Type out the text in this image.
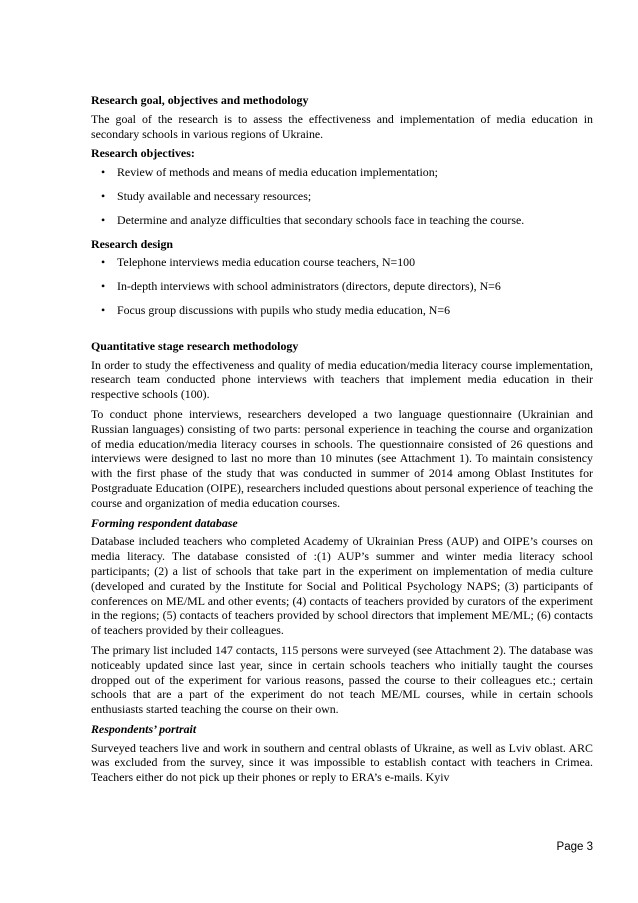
Research goal, objectives and methodology
The goal of the research is to assess the effectiveness and implementation of media education in secondary schools in various regions of Ukraine.
Research objectives:
• Review of methods and means of media education implementation;
• Study available and necessary resources;
• Determine and analyze difficulties that secondary schools face in teaching the course.
Research design
• Telephone interviews media education course teachers, N=100
• In-depth interviews with school administrators (directors, depute directors), N=6
• Focus group discussions with pupils who study media education, N=6
Quantitative stage research methodology
In order to study the effectiveness and quality of media education/media literacy course implementation, research team conducted phone interviews with teachers that implement media education in their respective schools (100).
To conduct phone interviews, researchers developed a two language questionnaire (Ukrainian and Russian languages) consisting of two parts: personal experience in teaching the course and organization of media education/media literacy courses in schools. The questionnaire consisted of 26 questions and interviews were designed to last no more than 10 minutes (see Attachment 1). To maintain consistency with the first phase of the study that was conducted in summer of 2014 among Oblast Institutes for Postgraduate Education (OIPE), researchers included questions about personal experience of teaching the course and organization of media education courses.
Forming respondent database
Database included teachers who completed Academy of Ukrainian Press (AUP) and OIPE’s courses on media literacy. The database consisted of :(1) AUP’s summer and winter media literacy school participants; (2) a list of schools that take part in the experiment on implementation of media culture (developed and curated by the Institute for Social and Political Psychology NAPS; (3) participants of conferences on ME/ML and other events; (4) contacts of teachers provided by curators of the experiment in the regions; (5) contacts of teachers provided by school directors that implement ME/ML; (6) contacts of teachers provided by their colleagues.
The primary list included 147 contacts, 115 persons were surveyed (see Attachment 2). The database was noticeably updated since last year, since in certain schools teachers who initially taught the courses dropped out of the experiment for various reasons, passed the course to their colleagues etc.; certain schools that are a part of the experiment do not teach ME/ML courses, while in certain schools enthusiasts started teaching the course on their own.
Respondents’ portrait
Surveyed teachers live and work in southern and central oblasts of Ukraine, as well as Lviv oblast. ARC was excluded from the survey, since it was impossible to establish contact with teachers in Crimea. Teachers either do not pick up their phones or reply to ERA’s e-mails. Kyiv
Page 3
